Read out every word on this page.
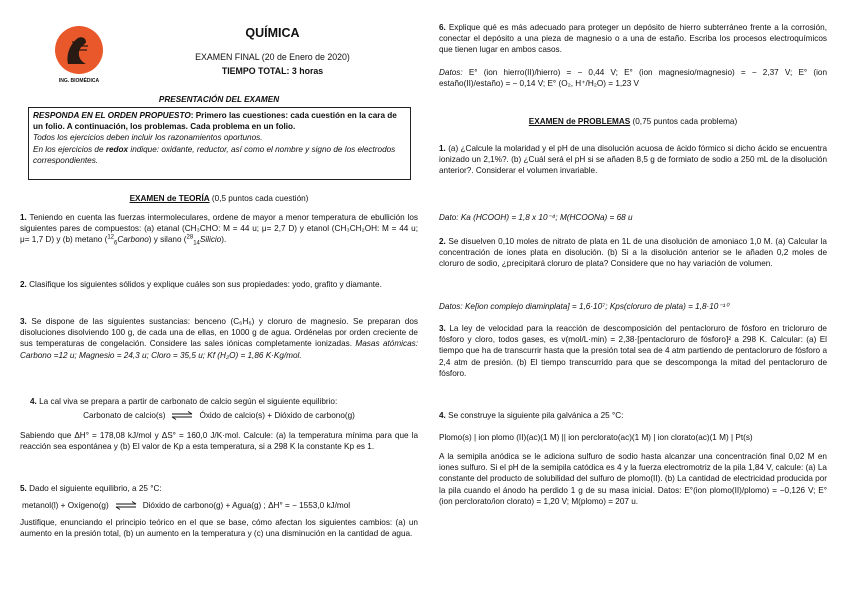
ING. BIOMÉDICA
QUÍMICA
EXAMEN FINAL (20 de Enero de 2020)
TIEMPO TOTAL: 3 horas
PRESENTACIÓN DEL EXAMEN

RESPONDA EN EL ORDEN PROPUESTO: Primero las cuestiones: cada cuestión en la cara de un folio. A continuación, los problemas. Cada problema en un folio.

Todos los ejercicios deben incluir los razonamientos oportunos.

En los ejercicios de redox indique: oxidante, reductor, así como el nombre y signo de los electrodos correspondientes.

EXAMEN de TEORÍA (0,5 puntos cada cuestión)

1. Teniendo en cuenta las fuerzas intermoleculares, ordene de mayor a menor temperatura de ebullición los siguientes pares de compuestos: (a) etanal (CH₃CHO: M = 44 u; μ= 2,7 D) y etanol (CH₃CH₂OH: M = 44 u; μ= 1,7 D) y (b) metano ($^{12}_6$Carbono) y silano ($^{28}_{14}$Silicio).

2. Clasifique los siguientes sólidos y explique cuáles son sus propiedades: yodo, grafito y diamante.

3. Se dispone de las siguientes sustancias: benceno (C₆H₆) y cloruro de magnesio. Se preparan dos disoluciones disolviendo 100 g, de cada una de ellas, en 1000 g de agua. Ordénelas por orden creciente de sus temperaturas de congelación. Considere las sales iónicas completamente ionizadas. Masas atómicas: Carbono =12 u; Magnesio = 24,3 u; Cloro = 35,5 u; Kf (H₂O) = 1,86 K·Kg/mol.

4. La cal viva se prepara a partir de carbonato de calcio según el siguiente equilibrio:

Carbonato de calcio(s) ⇌ Óxido de calcio(s) + Dióxido de carbono(g)

Sabiendo que ΔH° = 178,08 kJ/mol y ΔS° = 160,0 J/K·mol. Calcule: (a) la temperatura mínima para que la reacción sea espontánea y (b) El valor de Kp a esta temperatura, si a 298 K la constante Kp es 1.

5. Dado el siguiente equilibrio, a 25 °C:

metanol(l) + Oxígeno(g) ⇌ Dióxido de carbono(g) + Agua(g) ; ΔH° = − 1553,0 kJ/mol

Justifique, enunciando el principio teórico en el que se base, cómo afectan los siguientes cambios: (a) un aumento en la presión total, (b) un aumento en la temperatura y (c) una disminución en la cantidad de agua.

6. Explique qué es más adecuado para proteger un depósito de hierro subterráneo frente a la corrosión, conectar el depósito a una pieza de magnesio o a una de estaño. Escriba los procesos electroquímicos que tienen lugar en ambos casos.

Datos: E° (ion hierro(II)/hierro) = − 0,44 V; E° (ion magnesio/magnesio) = − 2,37 V; E° (ion estaño(II)/estaño) = − 0,14 V; E° (O₂, H⁺/H₂O) = 1,23 V

EXAMEN de PROBLEMAS (0,75 puntos cada problema)

1. (a) ¿Calcule la molaridad y el pH de una disolución acuosa de ácido fórmico si dicho ácido se encuentra ionizado un 2,1%?. (b) ¿Cuál será el pH si se añaden 8,5 g de formiato de sodio a 250 mL de la disolución anterior?. Considerar el volumen invariable.

Dato: Ka (HCOOH) = 1,8 x 10⁻⁴; M(HCOONa) = 68 u

2. Se disuelven 0,10 moles de nitrato de plata en 1L de una disolución de amoniaco 1,0 M. (a) Calcular la concentración de iones plata en disolución. (b) Si a la disolución anterior se le añaden 0,2 moles de cloruro de sodio, ¿precipitará cloruro de plata? Considere que no hay variación de volumen.

Datos: Ke[ion complejo diaminplata] = 1,6·10⁷; Kps(cloruro de plata) = 1,8·10⁻¹⁰

3. La ley de velocidad para la reacción de descomposición del pentacloruro de fósforo en tricloruro de fósforo y cloro, todos gases, es v(mol/L·min) = 2,38·[pentacloruro de fósforo]² a 298 K. Calcular: (a) El tiempo que ha de transcurrir hasta que la presión total sea de 4 atm partiendo de pentacloruro de fósforo a 2,4 atm de presión. (b) El tiempo transcurrido para que se descomponga la mitad del pentacloruro de fósforo.

4. Se construye la siguiente pila galvánica a 25 °C:

Plomo(s) | ion plomo (II)(ac)(1 M) || ion perclorato(ac)(1 M) | ion clorato(ac)(1 M) | Pt(s)

A la semipila anódica se le adiciona sulfuro de sodio hasta alcanzar una concentración final 0,02 M en iones sulfuro. Si el pH de la semipila catódica es 4 y la fuerza electromotriz de la pila 1,84 V, calcule: (a) La constante del producto de solubilidad del sulfuro de plomo(II). (b) La cantidad de electricidad producida por la pila cuando el ánodo ha perdido 1 g de su masa inicial. Datos: E°(ion plomo(II)/plomo) = −0,126 V; E° (ion perclorato/ion clorato) = 1,20 V; M(plomo) = 207 u.
